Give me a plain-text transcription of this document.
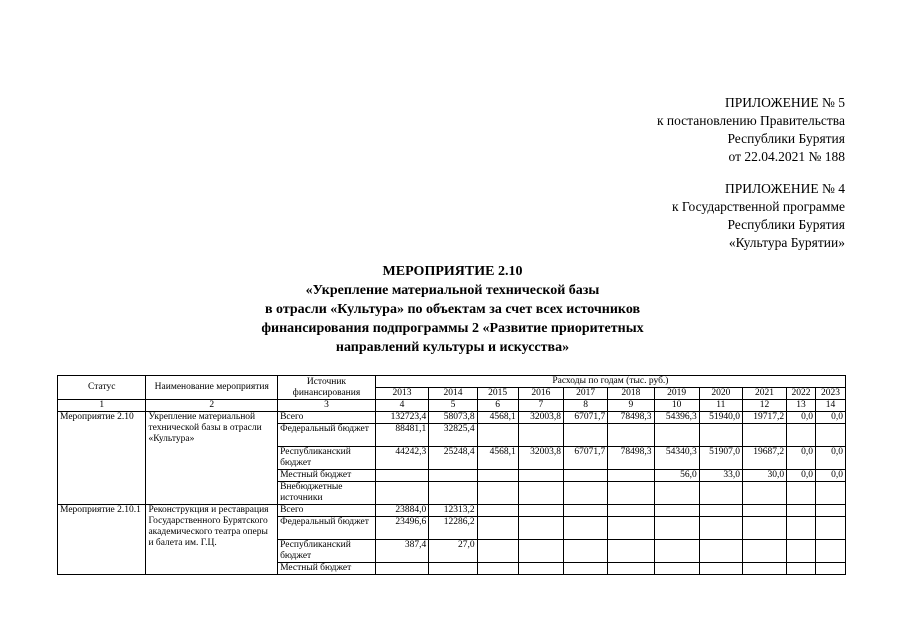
ПРИЛОЖЕНИЕ № 5
к постановлению Правительства
Республики Бурятия
от 22.04.2021 № 188
ПРИЛОЖЕНИЕ № 4
к Государственной программе
Республики Бурятия
«Культура Бурятии»
МЕРОПРИЯТИЕ 2.10
«Укрепление материальной технической базы
в отрасли «Культура» по объектам за счет всех источников
финансирования подпрограммы 2 «Развитие приоритетных
направлений культуры и искусства»
Статус	Наименование мероприятия	Источник финансирования	Расходы по годам (тыс. руб.)										
			2013	2014	2015	2016	2017	2018	2019	2020	2021	2022	2023
1	2	3	4	5	6	7	8	9	10	11	12	13	14
Мероприятие 2.10	Укрепление материальной технической базы в отрасли «Культура»	Всего	132723,4	58073,8	4568,1	32003,8	67071,7	78498,3	54396,3	51940,0	19717,2	0,0	0,0
		Федеральный бюджет	88481,1	32825,4									
		Республиканский бюджет	44242,3	25248,4	4568,1	32003,8	67071,7	78498,3	54340,3	51907,0	19687,2	0,0	0,0
		Местный бюджет							56,0	33,0	30,0	0,0	0,0
		Внебюджетные источники											
Мероприятие 2.10.1	Реконструкция и реставрация Государственного Бурятского академического театра оперы и балета им. Г.Ц.	Всего	23884,0	12313,2									
		Федеральный бюджет	23496,6	12286,2									
		Республиканский бюджет	387,4	27,0									
		Местный бюджет											
